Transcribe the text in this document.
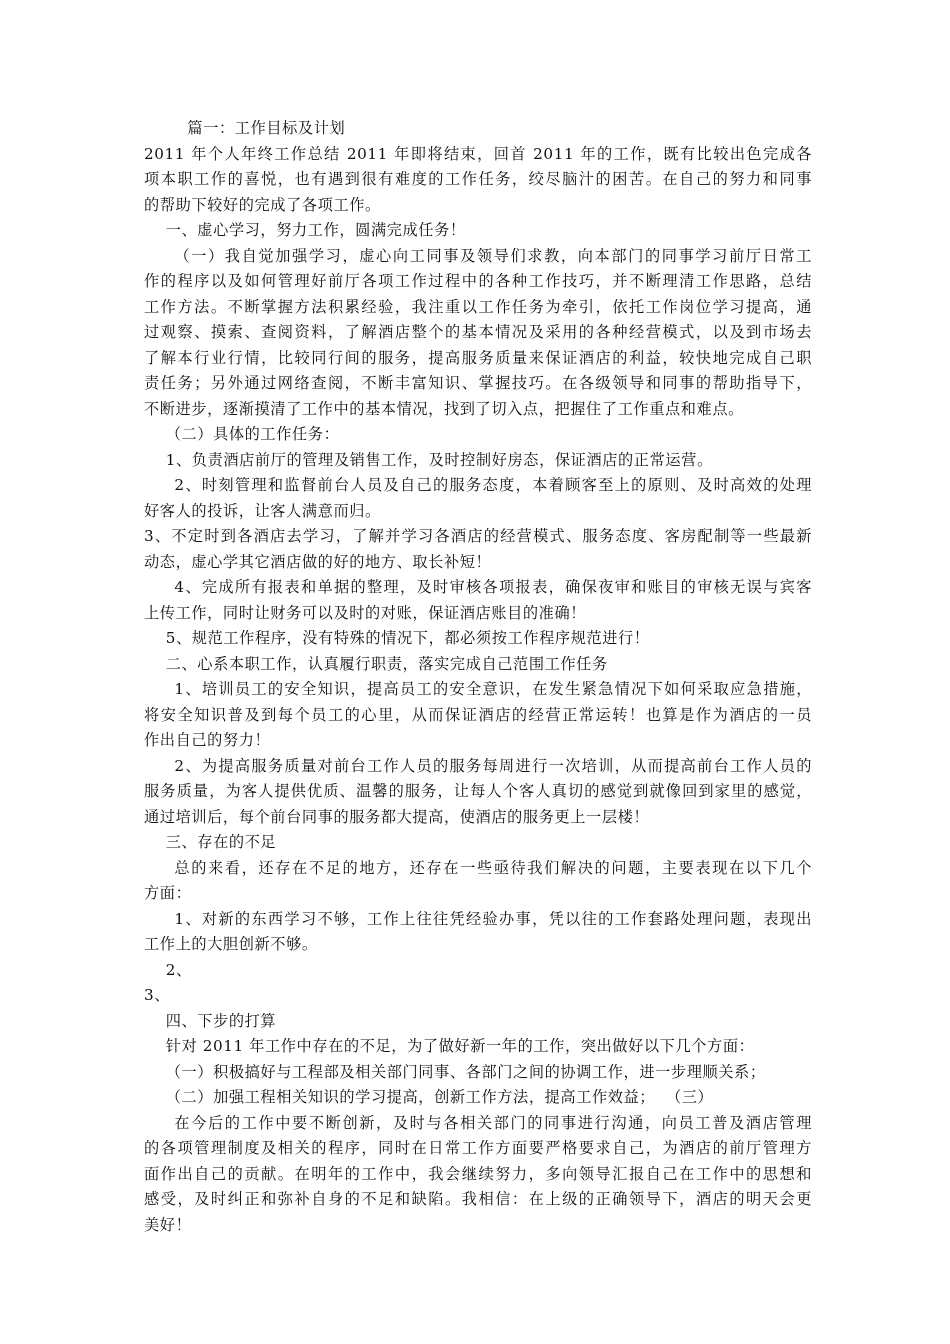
篇一：工作目标及计划
2011 年个人年终工作总结 2011 年即将结束，回首 2011 年的工作，既有比较出色完成各
项本职工作的喜悦，也有遇到很有难度的工作任务，绞尽脑汁的困苦。在自己的努力和同事
的帮助下较好的完成了各项工作。
一、虚心学习，努力工作，圆满完成任务！
（一）我自觉加强学习，虚心向工同事及领导们求教，向本部门的同事学习前厅日常工
作的程序以及如何管理好前厅各项工作过程中的各种工作技巧，并不断理清工作思路，总结
工作方法。不断掌握方法积累经验，我注重以工作任务为牵引，依托工作岗位学习提高，通
过观察、摸索、查阅资料，了解酒店整个的基本情况及采用的各种经营模式，以及到市场去
了解本行业行情，比较同行间的服务，提高服务质量来保证酒店的利益，较快地完成自己职
责任务；另外通过网络查阅，不断丰富知识、掌握技巧。在各级领导和同事的帮助指导下，
不断进步，逐渐摸清了工作中的基本情况，找到了切入点，把握住了工作重点和难点。
（二）具体的工作任务：
1、负责酒店前厅的管理及销售工作，及时控制好房态，保证酒店的正常运营。
2、时刻管理和监督前台人员及自己的服务态度，本着顾客至上的原则、及时高效的处理
好客人的投诉，让客人满意而归。
3、不定时到各酒店去学习，了解并学习各酒店的经营模式、服务态度、客房配制等一些最新
动态，虚心学其它酒店做的好的地方、取长补短！
4、完成所有报表和单据的整理，及时审核各项报表，确保夜审和账目的审核无误与宾客
上传工作，同时让财务可以及时的对账，保证酒店账目的准确！
5、规范工作程序，没有特殊的情况下，都必须按工作程序规范进行！
二、心系本职工作，认真履行职责，落实完成自己范围工作任务
1、培训员工的安全知识，提高员工的安全意识，在发生紧急情况下如何采取应急措施，
将安全知识普及到每个员工的心里，从而保证酒店的经营正常运转！也算是作为酒店的一员
作出自己的努力！
2、为提高服务质量对前台工作人员的服务每周进行一次培训，从而提高前台工作人员的
服务质量，为客人提供优质、温馨的服务，让每人个客人真切的感觉到就像回到家里的感觉，
通过培训后，每个前台同事的服务都大提高，使酒店的服务更上一层楼！
三、存在的不足
总的来看，还存在不足的地方，还存在一些亟待我们解决的问题，主要表现在以下几个
方面：
1、对新的东西学习不够，工作上往往凭经验办事，凭以往的工作套路处理问题，表现出
工作上的大胆创新不够。
2、
3、
四、下步的打算
针对 2011 年工作中存在的不足，为了做好新一年的工作，突出做好以下几个方面：
（一）积极搞好与工程部及相关部门同事、各部门之间的协调工作，进一步理顺关系；
（二）加强工程相关知识的学习提高，创新工作方法，提高工作效益；  （三）
在今后的工作中要不断创新，及时与各相关部门的同事进行沟通，向员工普及酒店管理
的各项管理制度及相关的程序，同时在日常工作方面要严格要求自己，为酒店的前厅管理方
面作出自己的贡献。在明年的工作中，我会继续努力，多向领导汇报自己在工作中的思想和
感受，及时纠正和弥补自身的不足和缺陷。我相信：在上级的正确领导下，酒店的明天会更
美好！
